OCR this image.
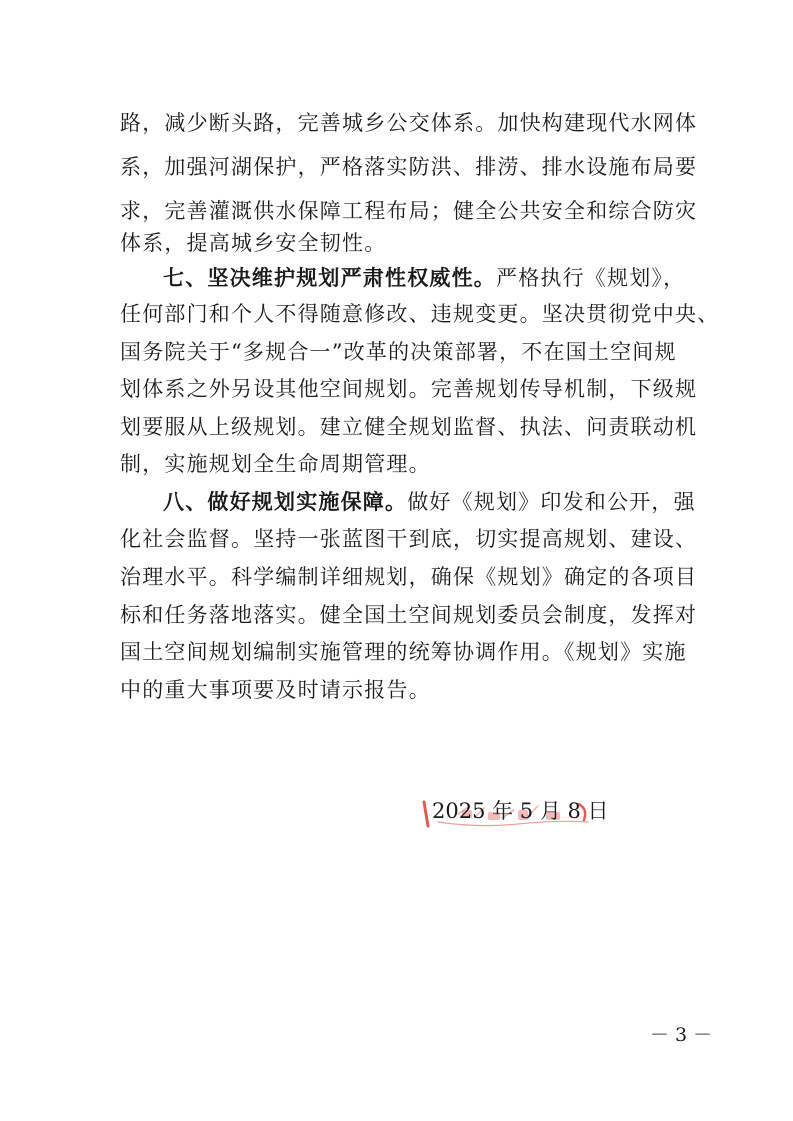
路，减少断头路，完善城乡公交体系。加快构建现代水网体
系，加强河湖保护，严格落实防洪、排涝、排水设施布局要
求，完善灌溉供水保障工程布局；健全公共安全和综合防灾
体系，提高城乡安全韧性。
七、坚决维护规划严肃性权威性。严格执行《规划》，
任何部门和个人不得随意修改、违规变更。坚决贯彻党中央、
国务院关于“多规合一”改革的决策部署，不在国土空间规
划体系之外另设其他空间规划。完善规划传导机制，下级规
划要服从上级规划。建立健全规划监督、执法、问责联动机
制，实施规划全生命周期管理。
八、做好规划实施保障。做好《规划》印发和公开，强
化社会监督。坚持一张蓝图干到底，切实提高规划、建设、
治理水平。科学编制详细规划，确保《规划》确定的各项目
标和任务落地落实。健全国土空间规划委员会制度，发挥对
国土空间规划编制实施管理的统筹协调作用。《规划》实施
中的重大事项要及时请示报告。
2025 年 5 月 8 日
－ 3 －
